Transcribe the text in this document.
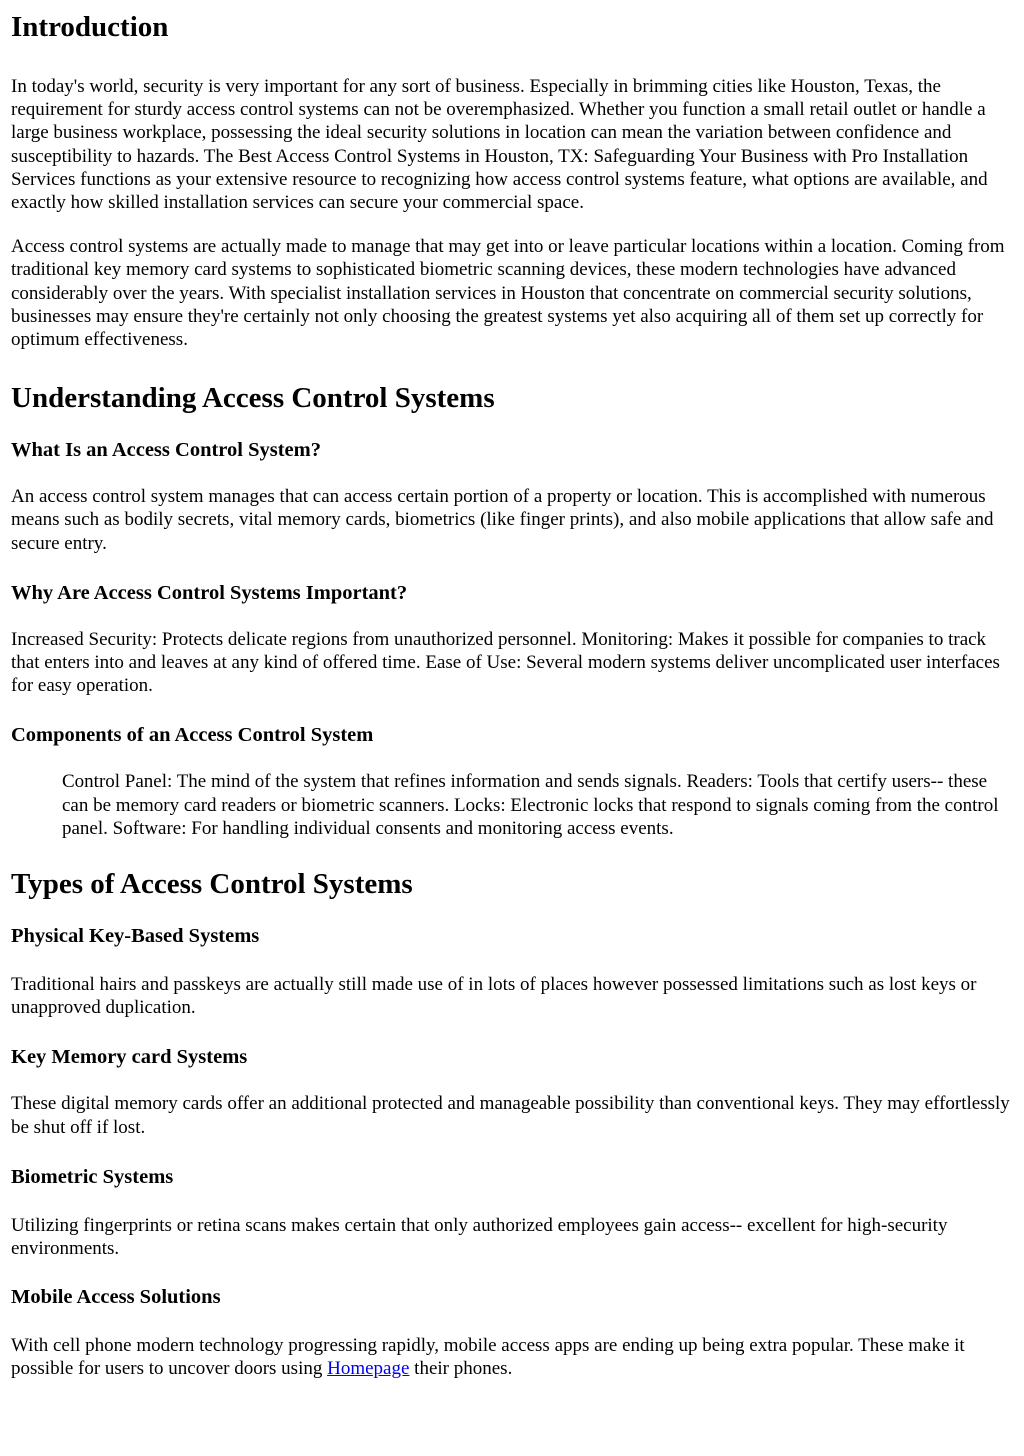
Introduction

In today's world, security is very important for any sort of business. Especially in brimming cities like Houston, Texas, the requirement for sturdy access control systems can not be overemphasized. Whether you function a small retail outlet or handle a large business workplace, possessing the ideal security solutions in location can mean the variation between confidence and susceptibility to hazards. The Best Access Control Systems in Houston, TX: Safeguarding Your Business with Pro Installation Services functions as your extensive resource to recognizing how access control systems feature, what options are available, and exactly how skilled installation services can secure your commercial space.

Access control systems are actually made to manage that may get into or leave particular locations within a location. Coming from traditional key memory card systems to sophisticated biometric scanning devices, these modern technologies have advanced considerably over the years. With specialist installation services in Houston that concentrate on commercial security solutions, businesses may ensure they're certainly not only choosing the greatest systems yet also acquiring all of them set up correctly for optimum effectiveness.

Understanding Access Control Systems
What Is an Access Control System?

An access control system manages that can access certain portion of a property or location. This is accomplished with numerous means such as bodily secrets, vital memory cards, biometrics (like finger prints), and also mobile applications that allow safe and secure entry.

Why Are Access Control Systems Important?

Increased Security: Protects delicate regions from unauthorized personnel. Monitoring: Makes it possible for companies to track that enters into and leaves at any kind of offered time. Ease of Use: Several modern systems deliver uncomplicated user interfaces for easy operation.

Components of an Access Control System

Control Panel: The mind of the system that refines information and sends signals. Readers: Tools that certify users-- these can be memory card readers or biometric scanners. Locks: Electronic locks that respond to signals coming from the control panel. Software: For handling individual consents and monitoring access events.

Types of Access Control Systems
Physical Key-Based Systems

Traditional hairs and passkeys are actually still made use of in lots of places however possessed limitations such as lost keys or unapproved duplication.

Key Memory card Systems

These digital memory cards offer an additional protected and manageable possibility than conventional keys. They may effortlessly be shut off if lost.

Biometric Systems

Utilizing fingerprints or retina scans makes certain that only authorized employees gain access-- excellent for high-security environments.

Mobile Access Solutions

With cell phone modern technology progressing rapidly, mobile access apps are ending up being extra popular. These make it possible for users to uncover doors using Homepage their phones.
